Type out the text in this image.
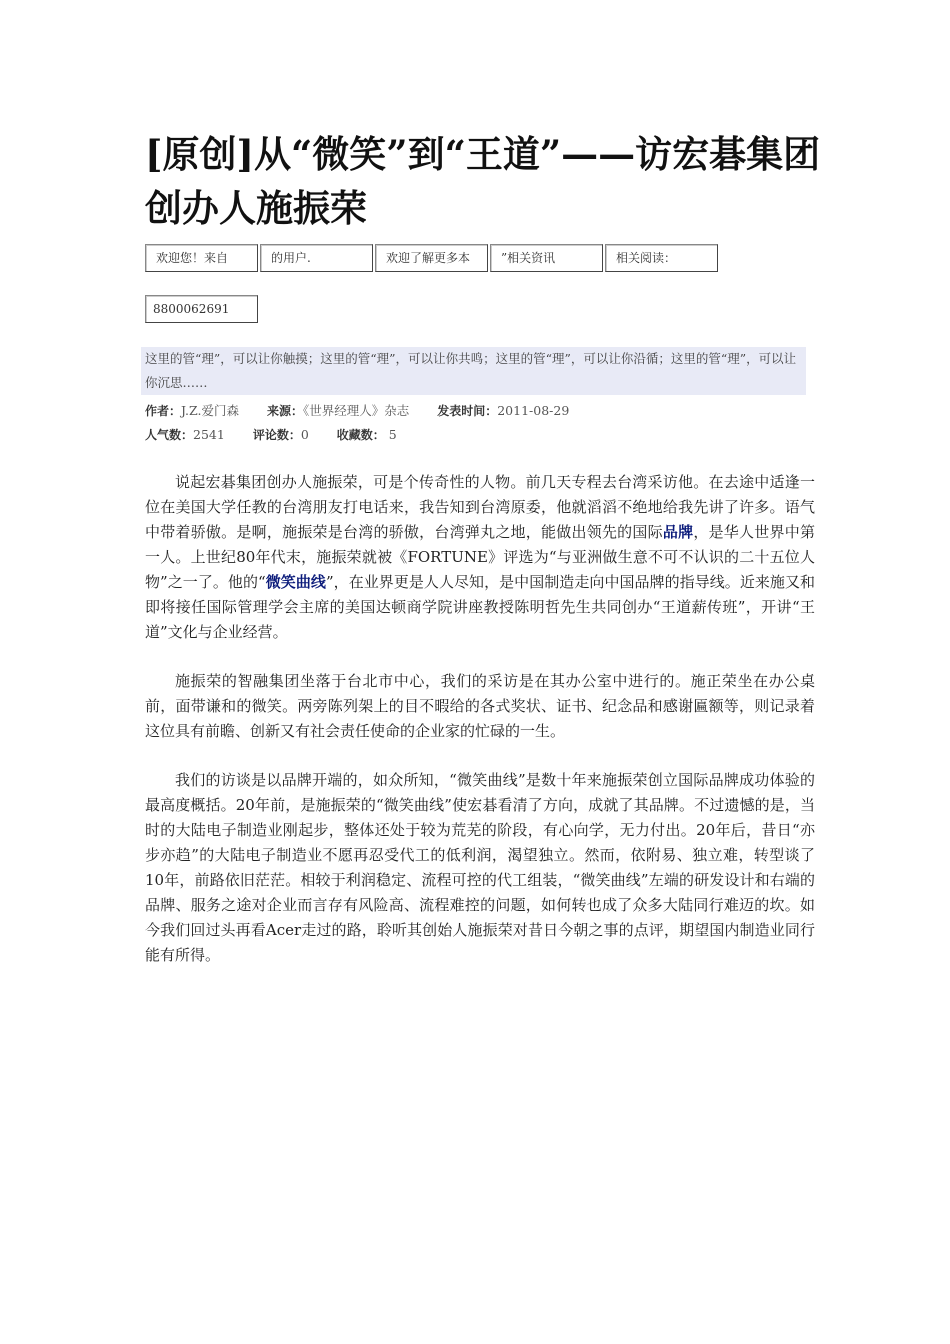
[原创]从“微笑”到“王道”——访宏碁集团创办人施振荣
欢迎您！来自	的用户.	欢迎了解更多本	”相关资讯	相关阅读：
8800062691
这里的管“理”，可以让你触摸；这里的管“理”，可以让你共鸣；这里的管“理”，可以让你沿循；这里的管“理”，可以让你沉思……
作者：J.Z.爱门森 来源：《世界经理人》杂志 发表时间：2011-08-29
人气数：2541 评论数：0 收藏数： 5

说起宏碁集团创办人施振荣，可是个传奇性的人物。前几天专程去台湾采访他。在去途中适逢一位在美国大学任教的台湾朋友打电话来，我告知到台湾原委，他就滔滔不绝地给我先讲了许多。语气中带着骄傲。是啊，施振荣是台湾的骄傲，台湾弹丸之地，能做出领先的国际品牌，是华人世界中第一人。上世纪80年代末，施振荣就被《FORTUNE》评选为“与亚洲做生意不可不认识的二十五位人物”之一了。他的“微笑曲线”，在业界更是人人尽知，是中国制造走向中国品牌的指导线。近来施又和即将接任国际管理学会主席的美国达顿商学院讲座教授陈明哲先生共同创办“王道薪传班”，开讲“王道”文化与企业经营。

施振荣的智融集团坐落于台北市中心，我们的采访是在其办公室中进行的。施正荣坐在办公桌前，面带谦和的微笑。两旁陈列架上的目不暇给的各式奖状、证书、纪念品和感谢匾额等，则记录着这位具有前瞻、创新又有社会责任使命的企业家的忙碌的一生。

我们的访谈是以品牌开端的，如众所知，“微笑曲线”是数十年来施振荣创立国际品牌成功体验的最高度概括。20年前，是施振荣的“微笑曲线”使宏碁看清了方向，成就了其品牌。不过遗憾的是，当时的大陆电子制造业刚起步，整体还处于较为荒芜的阶段，有心向学，无力付出。20年后，昔日“亦步亦趋”的大陆电子制造业不愿再忍受代工的低利润，渴望独立。然而，依附易、独立难，转型谈了10年，前路依旧茫茫。相较于利润稳定、流程可控的代工组装，“微笑曲线”左端的研发设计和右端的品牌、服务之途对企业而言存有风险高、流程难控的问题，如何转也成了众多大陆同行难迈的坎。如今我们回过头再看Acer走过的路，聆听其创始人施振荣对昔日今朝之事的点评，期望国内制造业同行能有所得。
